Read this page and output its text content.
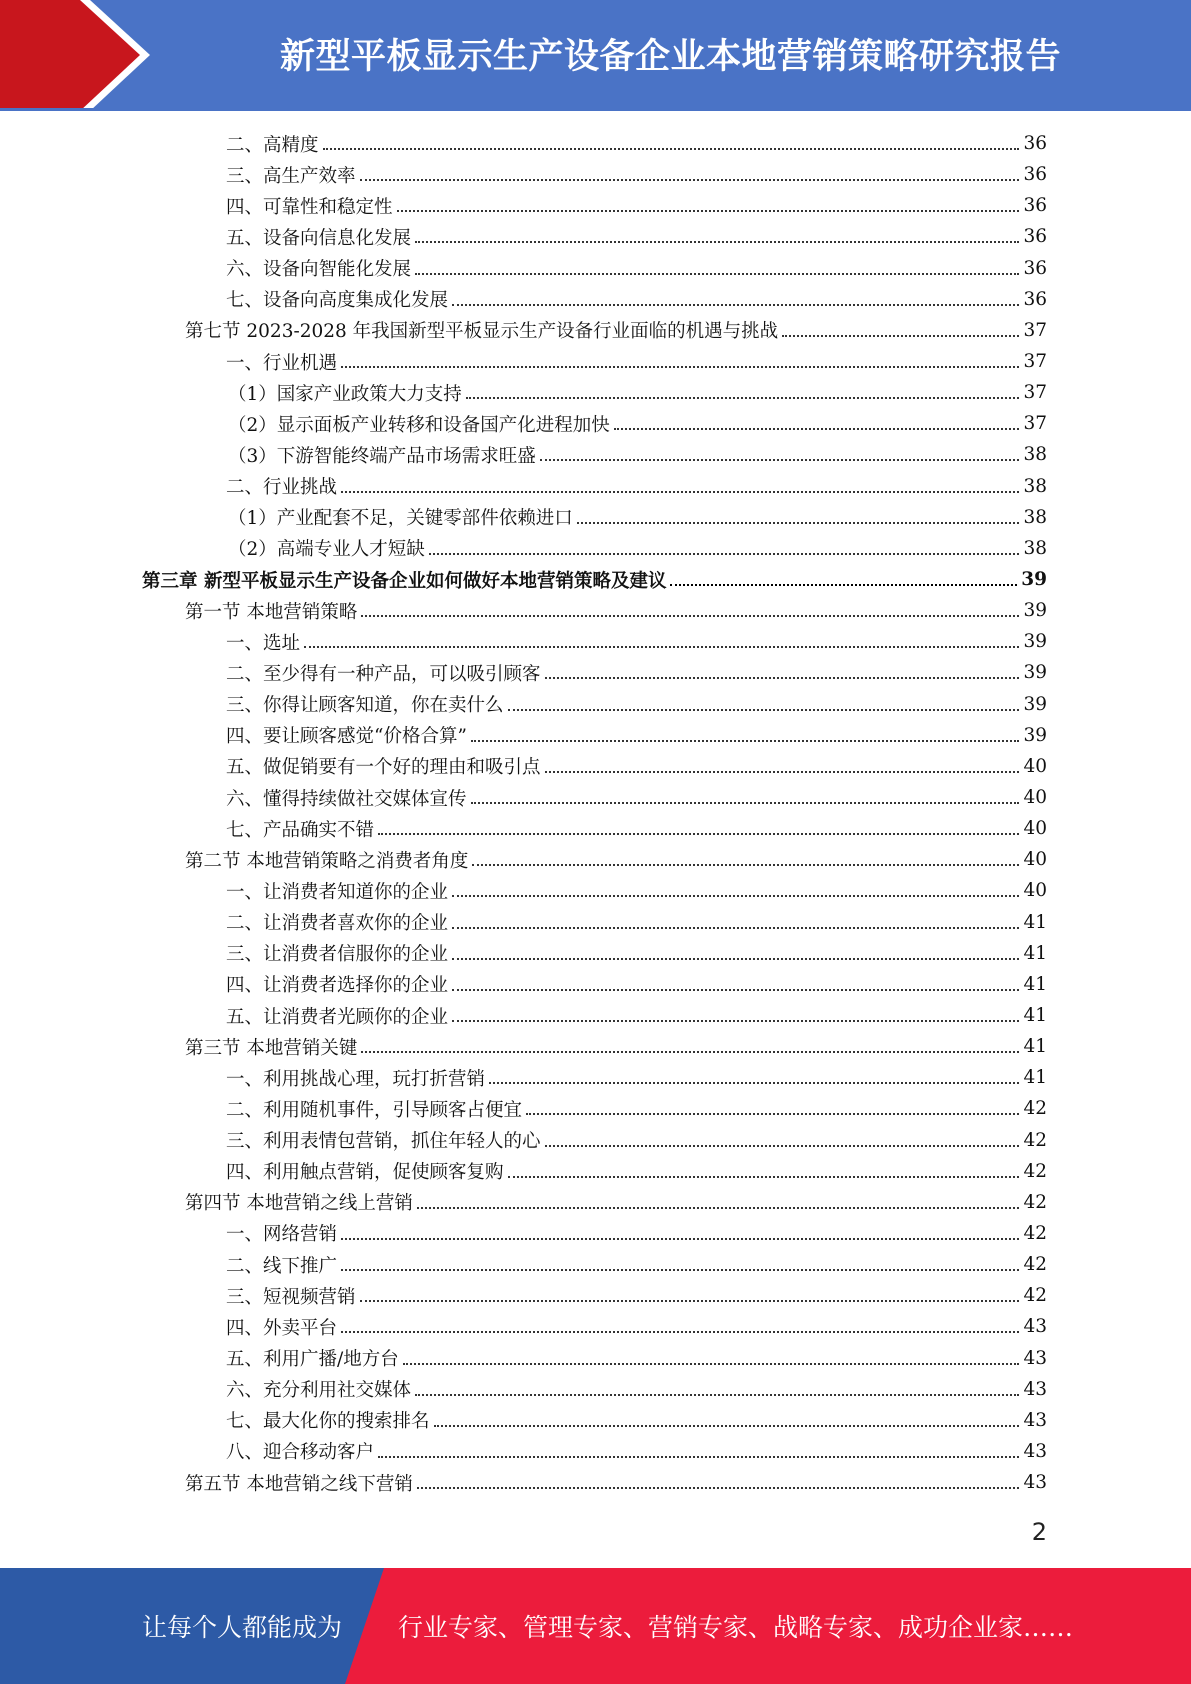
新型平板显示生产设备企业本地营销策略研究报告
二、高精度	36
三、高生产效率	36
四、可靠性和稳定性	36
五、设备向信息化发展	36
六、设备向智能化发展	36
七、设备向高度集成化发展	36
第七节 2023-2028 年我国新型平板显示生产设备行业面临的机遇与挑战	37
一、行业机遇	37
（1）国家产业政策大力支持	37
（2）显示面板产业转移和设备国产化进程加快	37
（3）下游智能终端产品市场需求旺盛	38
二、行业挑战	38
（1）产业配套不足，关键零部件依赖进口	38
（2）高端专业人才短缺	38
第三章 新型平板显示生产设备企业如何做好本地营销策略及建议	39
第一节 本地营销策略	39
一、选址	39
二、至少得有一种产品，可以吸引顾客	39
三、你得让顾客知道，你在卖什么	39
四、要让顾客感觉“价格合算”	39
五、做促销要有一个好的理由和吸引点	40
六、懂得持续做社交媒体宣传	40
七、产品确实不错	40
第二节 本地营销策略之消费者角度	40
一、让消费者知道你的企业	40
二、让消费者喜欢你的企业	41
三、让消费者信服你的企业	41
四、让消费者选择你的企业	41
五、让消费者光顾你的企业	41
第三节 本地营销关键	41
一、利用挑战心理，玩打折营销	41
二、利用随机事件，引导顾客占便宜	42
三、利用表情包营销，抓住年轻人的心	42
四、利用触点营销，促使顾客复购	42
第四节 本地营销之线上营销	42
一、网络营销	42
二、线下推广	42
三、短视频营销	42
四、外卖平台	43
五、利用广播/地方台	43
六、充分利用社交媒体	43
七、最大化你的搜索排名	43
八、迎合移动客户	43
第五节 本地营销之线下营销	43
2
让每个人都能成为 行业专家、管理专家、营销专家、战略专家、成功企业家……
